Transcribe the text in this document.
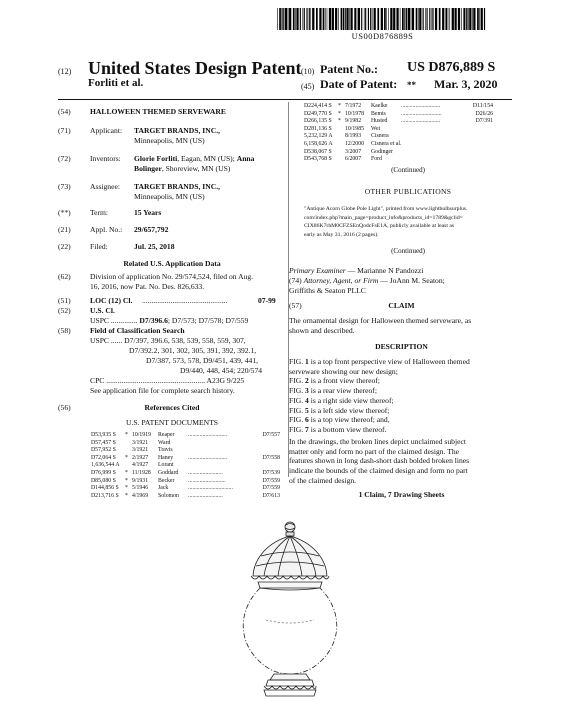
US00D876889S
(12) United States Design Patent
Forliti et al.
(10) Patent No.: US D876,889 S
(45) Date of Patent: ** Mar. 3, 2020
(54)	HALLOWEEN THEMED SERVEWARE
(71)	Applicant: TARGET BRANDS, INC.,
Minneapolis, MN (US)
(72)	Inventors: Glorie Forliti, Eagan, MN (US); Anna
Bolinger, Shoreview, MN (US)
(73)	Assignee: TARGET BRANDS, INC.,
Minneapolis, MN (US)
(**)	Term:	15 Years
(21)	Appl. No.: 29/657,792
(22)	Filed:	Jul. 25, 2018
Related U.S. Application Data
(62)	Division of application No. 29/574,524, filed on Aug.
16, 2016, now Pat. No. Des. 826,633.
(51)	LOC (12) Cl. .............................................	07-99
(52)	U.S. Cl.
USPC .............. D7/396.6; D7/573; D7/578; D7/559
(58)	Field of Classification Search
USPC ...... D7/397, 396.6, 538, 539, 558, 559, 307,
D7/392.2, 301, 302, 305, 391, 392, 392.1,
D7/387, 573, 578, D9/451, 439, 441,
D9/440, 448, 454; 220/574
CPC .................................................... A23G 9/225
See application file for complete search history.
(56)	References Cited
U.S. PATENT DOCUMENTS
D53,935 S	* 10/1919	Reaper	...........................	D7/557
D57,457 S	3/1921	Ward
D57,952 S	3/1921	Travis
D72,064 S	* 2/1927	Haney	...........................	D7/558
1,636,544 A	4/1927	Lorant
D76,999 S	* 11/1928	Goddard	........................	D7/539
D85,080 S	* 9/1931	Becker	..........................	D7/559
D144,856 S	* 5/1946	Jack	...............................	D7/559
D213,716 S	* 4/1969	Solomon	........................	D7/613
D224,414 S	* 7/1972	Kaelke	...........................	D11/154
D249,770 S	* 10/1978	Bemis	............................	D26/26
D266,135 S	* 9/1982	Husted	...........................	D7/391
D281,136 S	10/1985	Wei
5,232,129 A	8/1993	Cisnera
6,158,626 A	12/2000	Cisnera et al.
D538,067 S	3/2007	Godinger
D543,768 S	6/2007	Ford
(Continued)
OTHER PUBLICATIONS
"Antique Acorn Globe Pole Light", printed from www.lightbulbsurplus.
com/index.php?main_page=product_info&products_id=1789&gclid=
CIX86K7rhM0CFZSEnQodcFsE1A, publicly available at least as
early as May 31, 2016 (2 pages).
(Continued)
Primary Examiner — Marianne N Pandozzi
(74) Attorney, Agent, or Firm — JoAnn M. Seaton;
Griffiths & Seaton PLLC
(57)	CLAIM
The ornamental design for Halloween themed serveware, as
shown and described.
DESCRIPTION
FIG. 1 is a top front perspective view of Halloween themed
serveware showing our new design;
FIG. 2 is a front view thereof;
FIG. 3 is a rear view thereof;
FIG. 4 is a right side view thereof;
FIG. 5 is a left side view thereof;
FIG. 6 is a top view thereof; and,
FIG. 7 is a bottom view thereof.
In the drawings, the broken lines depict unclaimed subject
matter only and form no part of the claimed design. The
features shown in long dash-short dash bolded broken lines
indicate the bounds of the claimed design and form no part
of the claimed design.
1 Claim, 7 Drawing Sheets
